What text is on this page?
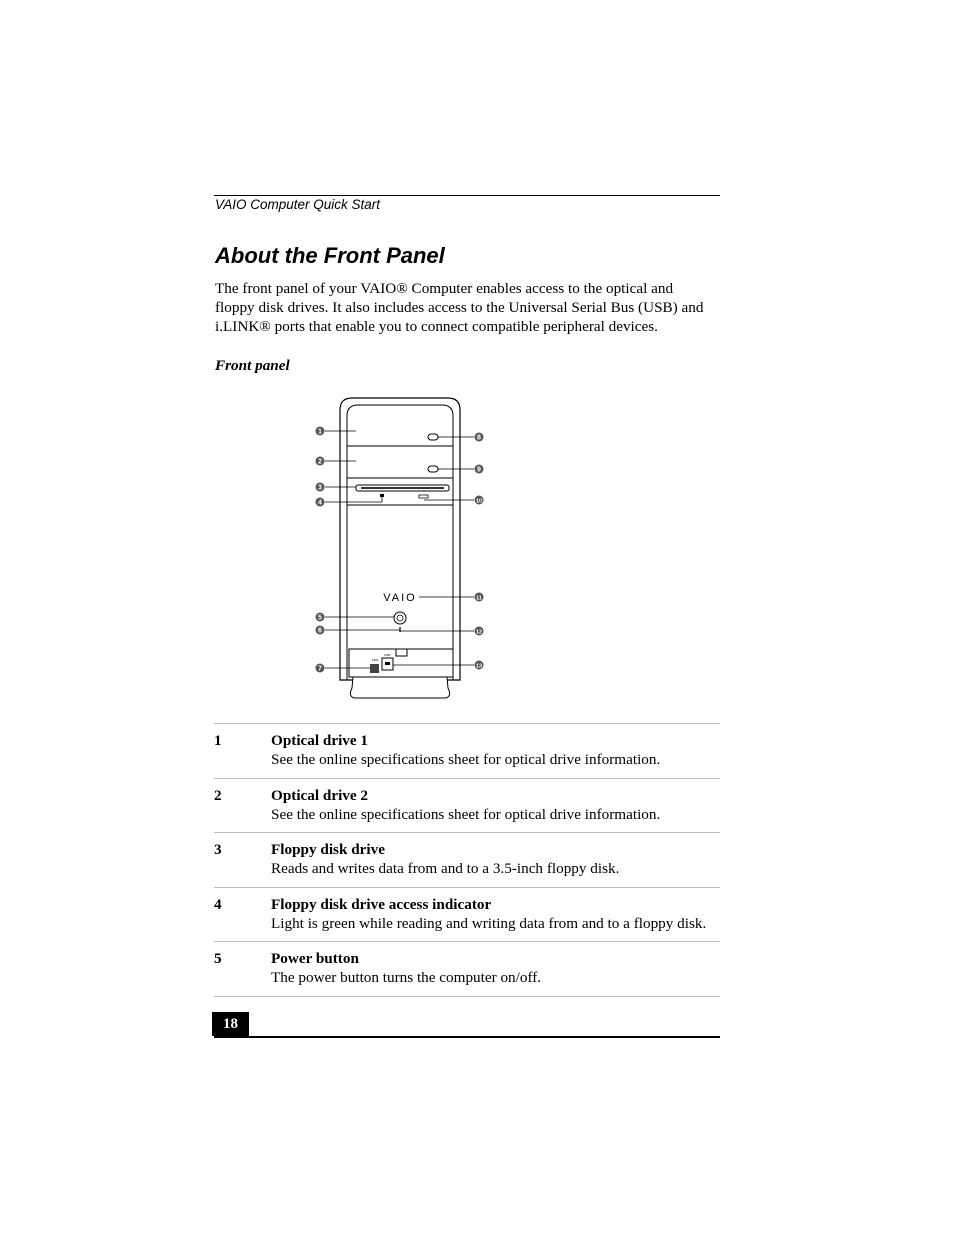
VAIO Computer Quick Start
About the Front Panel

The front panel of your VAIO® Computer enables access to the optical and
floppy disk drives. It also includes access to the Universal Serial Bus (USB) and
i.LINK® ports that enable you to connect compatible peripheral devices.

Front panel
VAIO
1394
USB
1
2
3
4
5
6
7
8
9
10
11
12
13
1	Optical drive 1
See the online specifications sheet for optical drive information.
2	Optical drive 2
See the online specifications sheet for optical drive information.
3	Floppy disk drive
Reads and writes data from and to a 3.5-inch floppy disk.
4	Floppy disk drive access indicator
Light is green while reading and writing data from and to a floppy disk.
5	Power button
The power button turns the computer on/off.
18
